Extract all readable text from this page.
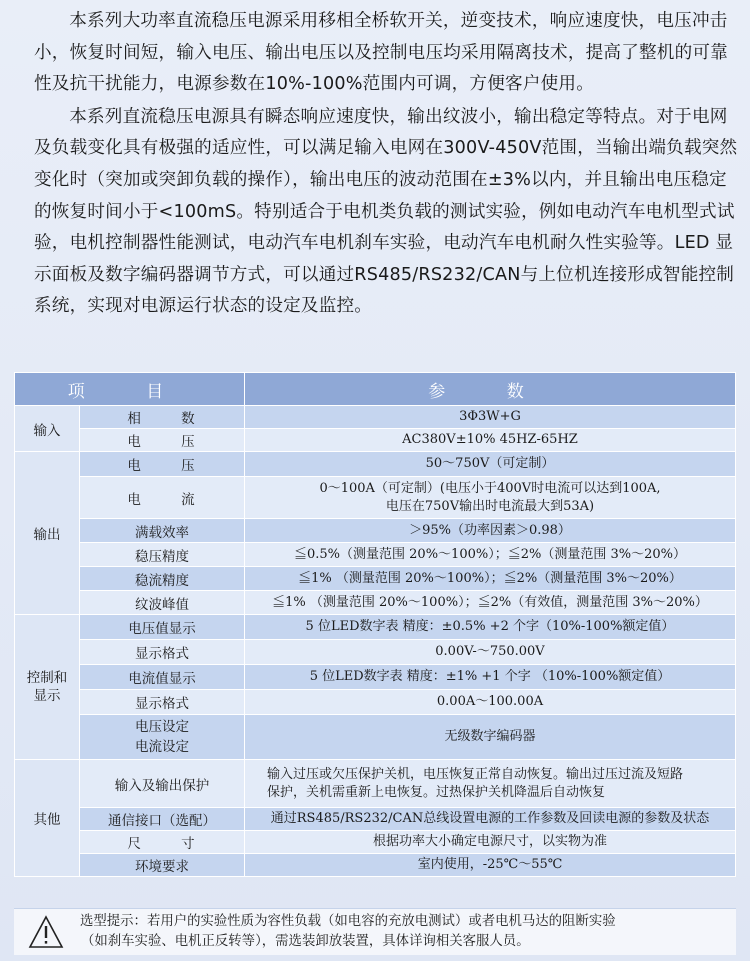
本系列大功率直流稳压电源采用移相全桥软开关，逆变技术，响应速度快，电压冲击小，恢复时间短，输入电压、输出电压以及控制电压均采用隔离技术，提高了整机的可靠性及抗干扰能力，电源参数在10%-100%范围内可调，方便客户使用。

本系列直流稳压电源具有瞬态响应速度快，输出纹波小，输出稳定等特点。对于电网及负载变化具有极强的适应性，可以满足输入电网在300V-450V范围，当输出端负载突然变化时（突加或突卸负载的操作），输出电压的波动范围在±3%以内，并且输出电压稳定的恢复时间小于<100mS。特别适合于电机类负载的测试实验，例如电动汽车电机型式试验，电机控制器性能测试，电动汽车电机刹车实验，电动汽车电机耐久性实验等。LED 显示面板及数字编码器调节方式，可以通过RS485/RS232/CAN与上位机连接形成智能控制系统，实现对电源运行状态的设定及监控。

项 目		参 数
输入	相 数	3Φ3W+G
	电 压	AC380V±10% 45HZ-65HZ
输出	电 压	50～750V（可定制）
	电 流	0～100A（可定制）(电压小于400V时电流可以达到100A,
电压在750V输出时电流最大到53A)

	满载效率	＞95%（功率因素＞0.98）
	稳压精度	≦0.5%（测量范围 20%～100%）；≦2%（测量范围 3%～20%）
	稳流精度	≦1% （测量范围 20%～100%）；≦2%（测量范围 3%～20%）
	纹波峰值	≦1% （测量范围 20%～100%）；≦2%（有效值，测量范围 3%～20%）
控制和显示	电压值显示	5 位LED数字表 精度：±0.5% +2 个字（10%-100%额定值）
	显示格式	0.00V-～750.00V
	电流值显示	5 位LED数字表 精度：±1% +1 个字 （10%-100%额定值）
	显示格式	0.00A～100.00A

	电压设定
电流设定	无级数字编码器
其他	输入及输出保护	输入过压或欠压保护关机，电压恢复正常自动恢复。输出过压过流及短路
保护，关机需重新上电恢复。过热保护关机降温后自动恢复

	通信接口（选配）	通过RS485/RS232/CAN总线设置电源的工作参数及回读电源的参数及状态
	尺 寸	根据功率大小确定电源尺寸，以实物为准
	环境要求	室内使用，-25℃～55℃
选型提示：若用户的实验性质为容性负载（如电容的充放电测试）或者电机马达的阻断实验
（如刹车实验、电机正反转等），需选装卸放装置，具体详询相关客服人员。
